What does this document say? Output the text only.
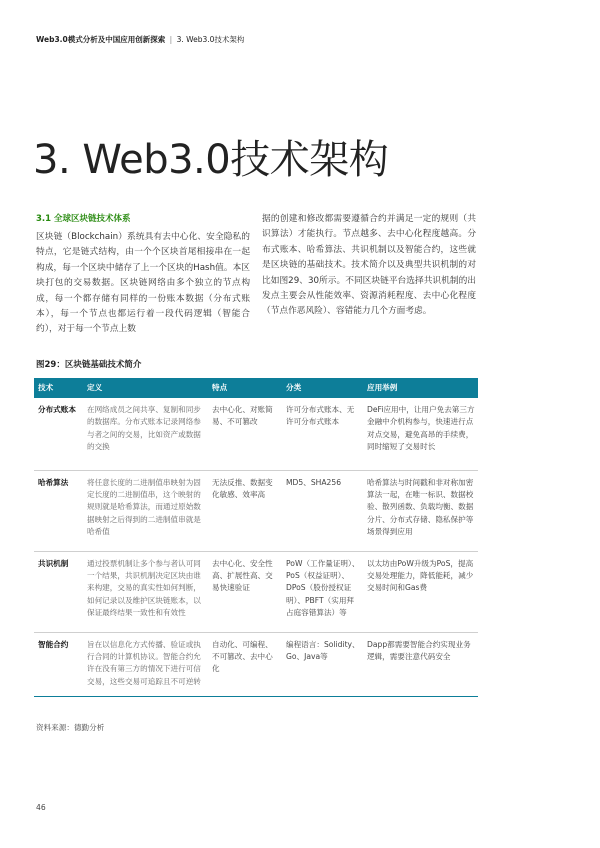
Web3.0模式分析及中国应用创新探索 | 3. Web3.0技术架构
3. Web3.0技术架构
3.1 全球区块链技术体系

区块链（Blockchain）系统具有去中心化、安全隐私的特点，它是链式结构，由一个个区块首尾相接串在一起构成，每一个区块中储存了上一个区块的Hash值。本区块打包的交易数据。区块链网络由多个独立的节点构成，每一个都存储有同样的一份账本数据（分布式账本），每一个节点也都运行着一段代码逻辑（智能合约），对于每一个节点上数

据的创建和修改都需要遵循合约并满足一定的规则（共识算法）才能执行。节点越多、去中心化程度越高。分布式账本、哈希算法、共识机制以及智能合约，这些就是区块链的基础技术。技术简介以及典型共识机制的对比如图29、30所示。不同区块链平台选择共识机制的出发点主要会从性能效率、资源消耗程度、去中心化程度（节点作恶风险）、容错能力几个方面考虑。

图29：区块链基础技术简介
技术	定义	特点	分类	应用举例
分布式账本	在网络成员之间共享、复制和同步的数据库。分布式账本记录网络参与者之间的交易，比如资产或数据的交换	去中心化、对账简易、不可篡改	许可分布式账本、无许可分布式账本	DeFi应用中，让用户免去第三方金融中介机构参与，快速进行点对点交易，避免高昂的手续费，同时缩短了交易时长
哈希算法	将任意长度的二进制值串映射为固定长度的二进制值串，这个映射的规则就是哈希算法，而通过原始数据映射之后得到的二进制值串就是哈希值	无法反推、数据变化敏感、效率高	MD5、SHA256	哈希算法与时间戳和非对称加密算法一起，在唯一标识、数据校验、散列函数、负载均衡、数据分片、分布式存储、隐私保护等场景得到应用
共识机制	通过投票机制让多个参与者认可同一个结果，共识机制决定区块由谁来构建，交易的真实性如何判断，如何记录以及维护区块链账本，以保证最终结果一致性和有效性	去中心化、安全性高、扩展性高、交易快速验证	PoW（工作量证明）、PoS（权益证明）、DPoS（股份授权证明）、PBFT（实用拜占庭容错算法）等	以太坊由PoW升级为PoS，提高交易处理能力，降低能耗，减少交易时间和Gas费
智能合约	旨在以信息化方式传播、验证或执行合同的计算机协议。智能合约允许在没有第三方的情况下进行可信交易，这些交易可追踪且不可逆转	自动化、可编程、不可篡改、去中心化	编程语言：Solidity、Go、Java等	Dapp都需要智能合约实现业务逻辑，需要注意代码安全
资料来源：德勤分析
46
